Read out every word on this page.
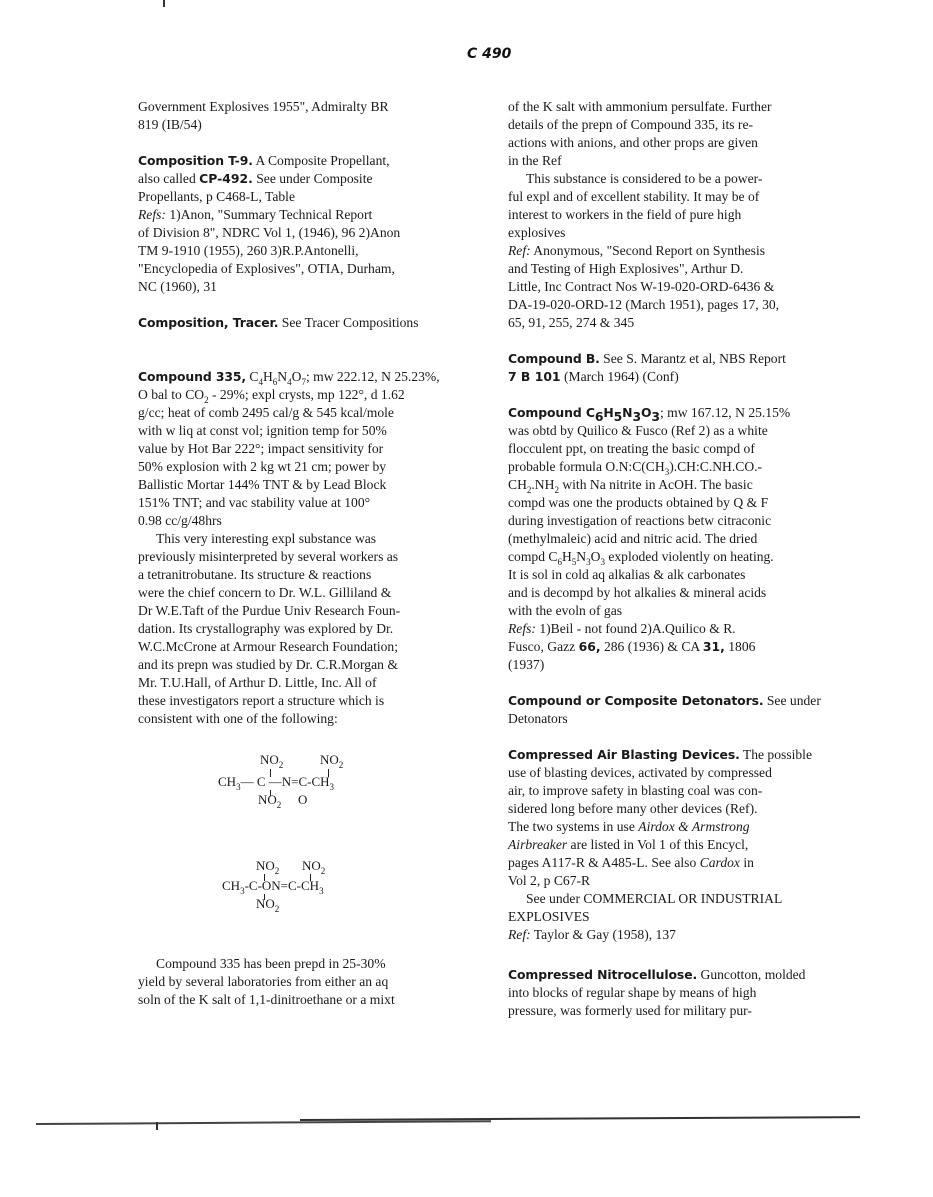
C 490
Government Explosives 1955", Admiralty BR
819 (IB/54)
Composition T-9. A Composite Propellant,
also called CP-492. See under Composite
Propellants, p C468-L, Table
Refs: 1)Anon, "Summary Technical Report
of Division 8", NDRC Vol 1, (1946), 96 2)Anon
TM 9-1910 (1955), 260 3)R.P.Antonelli,
"Encyclopedia of Explosives", OTIA, Durham,
NC (1960), 31
Composition, Tracer. See Tracer Compositions
Compound 335, $C_4H_6N_4O_7$; mw 222.12, N 25.23%,
O bal to $CO_2 - 29\%$; expl crysts, mp 122°, d 1.62
g/cc; heat of comb 2495 cal/g & 545 kcal/mole
with w liq at const vol; ignition temp for 50%
value by Hot Bar 222°; impact sensitivity for
50% explosion with 2 kg wt 21 cm; power by
Ballistic Mortar 144% TNT & by Lead Block
151% TNT; and vac stability value at 100°
0.98 cc/g/48hrs
This very interesting expl substance was
previously misinterpreted by several workers as
a tetranitrobutane. Its structure & reactions
were the chief concern to Dr. W.L. Gilliland &
Dr W.E.Taft of the Purdue Univ Research Foun-
dation. Its crystallography was explored by Dr.
W.C.McCrone at Armour Research Foundation;
and its prepn was studied by Dr. C.R.Morgan &
Mr. T.U.Hall, of Arthur D. Little, Inc. All of
these investigators report a structure which is
consistent with one of the following:
$NO_2$	$NO_2$
$CH_3—$ C $—N=C-CH_3$
$NO_2$ O
$NO_2$ $NO_2$
$CH_3-C-ON=C-CH_3$
$NO_2$
Compound 335 has been prepd in 25-30%
yield by several laboratories from either an aq
soln of the K salt of 1,1-dinitroethane or a mixt
of the K salt with ammonium persulfate. Further
details of the prepn of Compound 335, its re-
actions with anions, and other props are given
in the Ref
This substance is considered to be a power-
ful expl and of excellent stability. It may be of
interest to workers in the field of pure high
explosives
Ref: Anonymous, "Second Report on Synthesis
and Testing of High Explosives", Arthur D.
Little, Inc Contract Nos W-19-020-ORD-6436 &
DA-19-020-ORD-12 (March 1951), pages 17, 30,
65, 91, 255, 274 & 345
Compound B. See S. Marantz et al, NBS Report
7 B 101 (March 1964) (Conf)
Compound $C_6H_5N_3O_3$; mw 167.12, N 25.15%
was obtd by Quilico & Fusco (Ref 2) as a white
flocculent ppt, on treating the basic compd of
probable formula $O.N:C(CH_3).CH:C.NH.CO.-$
$CH_2.NH_2$ with Na nitrite in AcOH. The basic
compd was one the products obtained by Q & F
during investigation of reactions betw citraconic
(methylmaleic) acid and nitric acid. The dried
compd $C_6H_5N_3O_3$ exploded violently on heating.
It is sol in cold aq alkalias & alk carbonates
and is decompd by hot alkalies & mineral acids
with the evoln of gas
Refs: 1)Beil - not found 2)A.Quilico & R.
Fusco, Gazz 66, 286 (1936) & CA 31, 1806
(1937)
Compound or Composite Detonators. See under
Detonators
Compressed Air Blasting Devices. The possible
use of blasting devices, activated by compressed
air, to improve safety in blasting coal was con-
sidered long before many other devices (Ref).
The two systems in use Airdox & Armstrong
Airbreaker are listed in Vol 1 of this Encycl,
pages A117-R & A485-L. See also Cardox in
Vol 2, p C67-R
See under COMMERCIAL OR INDUSTRIAL
EXPLOSIVES
Ref: Taylor & Gay (1958), 137
Compressed Nitrocellulose. Guncotton, molded
into blocks of regular shape by means of high
pressure, was formerly used for military pur-
